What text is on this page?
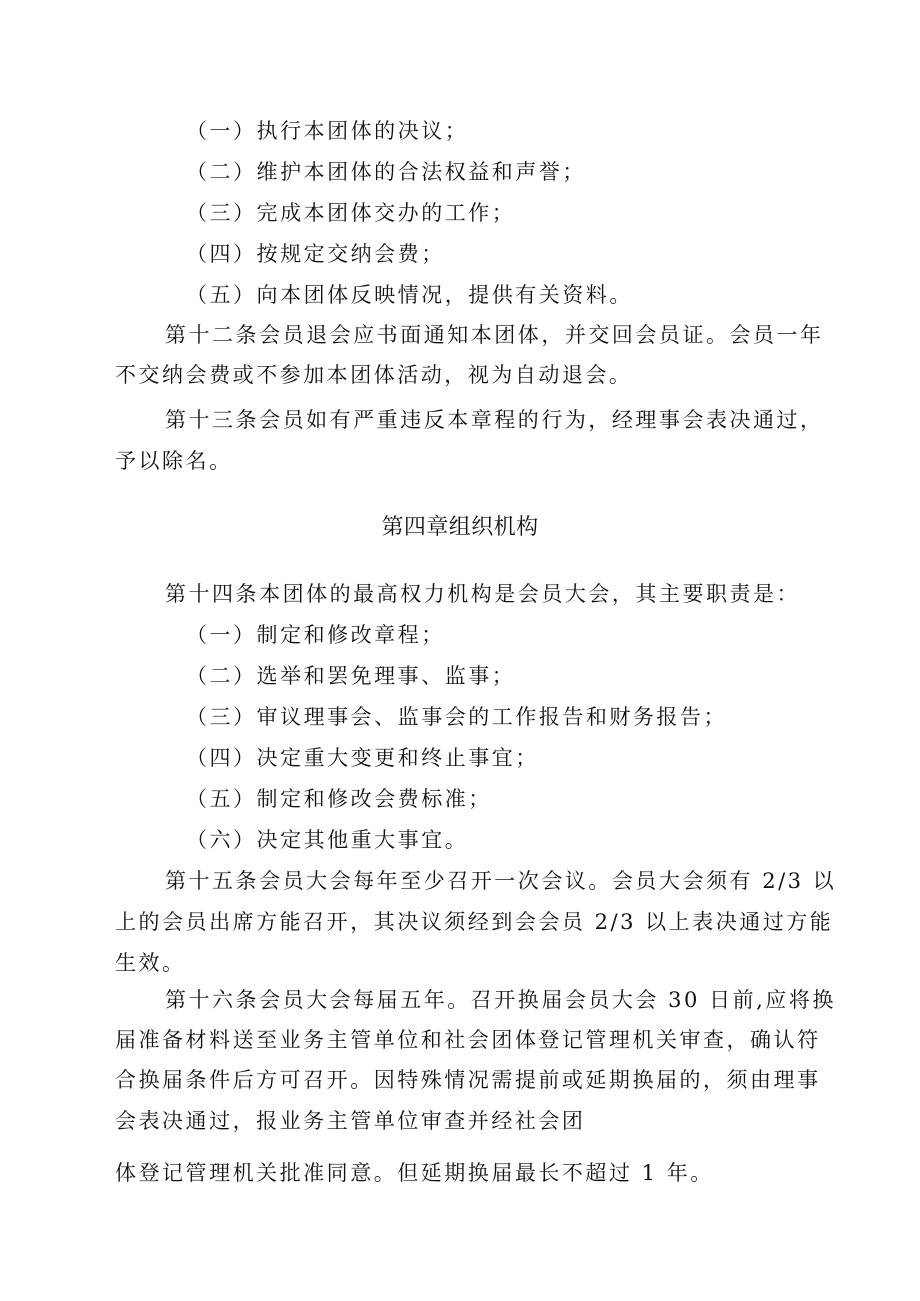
（一）执行本团体的决议；
（二）维护本团体的合法权益和声誉；
（三）完成本团体交办的工作；
（四）按规定交纳会费；
（五）向本团体反映情况，提供有关资料。
第十二条会员退会应书面通知本团体，并交回会员证。会员一年
不交纳会费或不参加本团体活动，视为自动退会。
第十三条会员如有严重违反本章程的行为，经理事会表决通过，
予以除名。
第四章组织机构
第十四条本团体的最高权力机构是会员大会，其主要职责是：
（一）制定和修改章程；
（二）选举和罢免理事、监事；
（三）审议理事会、监事会的工作报告和财务报告；
（四）决定重大变更和终止事宜；
（五）制定和修改会费标准；
（六）决定其他重大事宜。
第十五条会员大会每年至少召开一次会议。会员大会须有 2/3 以
上的会员出席方能召开，其决议须经到会会员 2/3 以上表决通过方能
生效。
第十六条会员大会每届五年。召开换届会员大会 30 日前,应将换
届准备材料送至业务主管单位和社会团体登记管理机关审查，确认符
合换届条件后方可召开。因特殊情况需提前或延期换届的，须由理事
会表决通过，报业务主管单位审查并经社会团
体登记管理机关批准同意。但延期换届最长不超过 1 年。
